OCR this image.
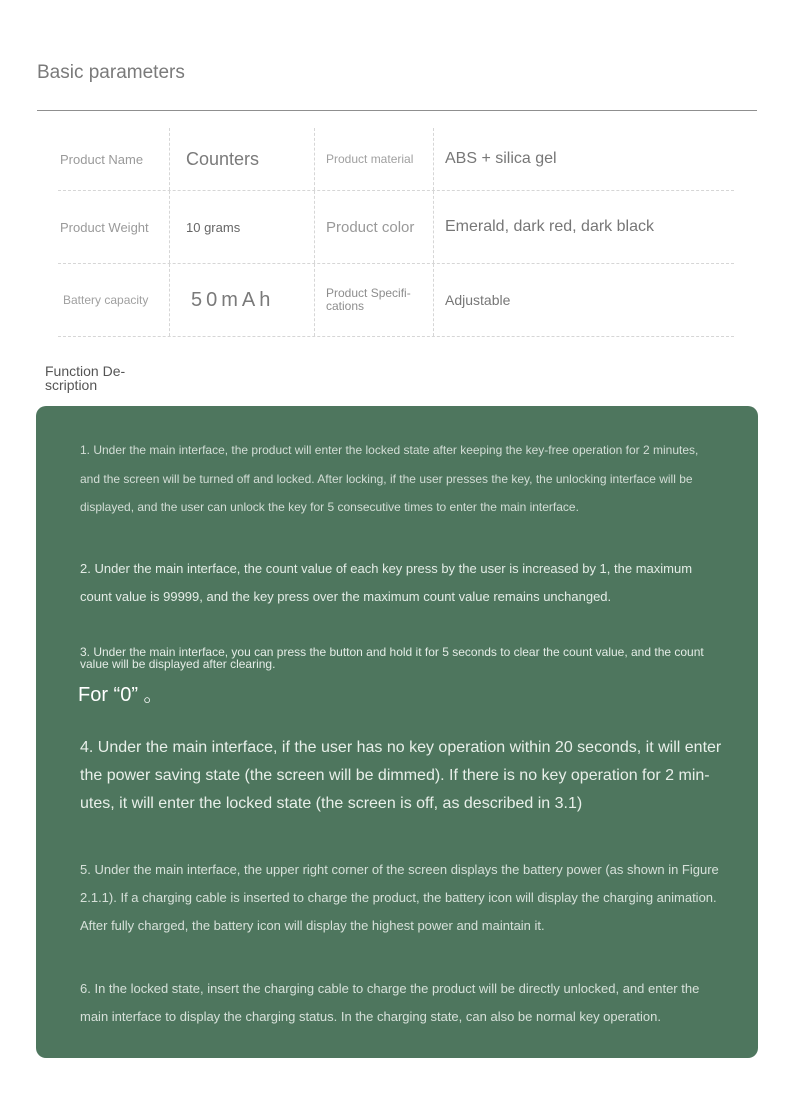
Basic parameters
Product Name	Counters	Product material	ABS + silica gel
Product Weight	10 grams	Product color	Emerald, dark red, dark black
Battery capacity	50mAh	Product Specifi-cations	Adjustable
Function De-scription

1. Under the main interface, the product will enter the locked state after keeping the key-free operation for 2 minutes, and the screen will be turned off and locked. After locking, if the user presses the key, the unlocking interface will be displayed, and the user can unlock the key for 5 consecutive times to enter the main interface.

2. Under the main interface, the count value of each key press by the user is increased by 1, the maximum count value is 99999, and the key press over the maximum count value remains unchanged.

3. Under the main interface, you can press the button and hold it for 5 seconds to clear the count value, and the count value will be displayed after clearing.

For “0” 。

4. Under the main interface, if the user has no key operation within 20 seconds, it will enter the power saving state (the screen will be dimmed). If there is no key operation for 2 min-utes, it will enter the locked state (the screen is off, as described in 3.1)

5. Under the main interface, the upper right corner of the screen displays the battery power (as shown in Figure 2.1.1). If a charging cable is inserted to charge the product, the battery icon will display the charging animation. After fully charged, the battery icon will display the highest power and maintain it.

6. In the locked state, insert the charging cable to charge the product will be directly unlocked, and enter the main interface to display the charging status. In the charging state, can also be normal key operation.
